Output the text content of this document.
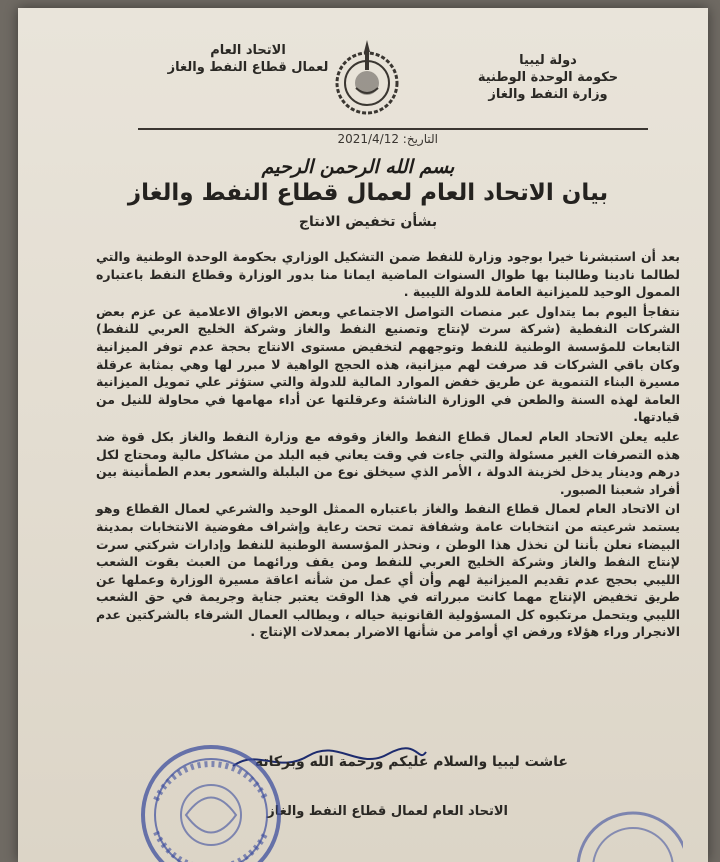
دولة ليبيا
حكومة الوحدة الوطنية
وزارة النفط والغاز
الاتحاد العام
لعمال قطاع النفط والغاز
التاريخ: 2021/4/12
بسم الله الرحمن الرحيم
بيان الاتحاد العام لعمال قطاع النفط والغاز
بشأن تخفيض الانتاج

بعد أن استبشرنا خيرا بوجود وزارة للنفط ضمن التشكيل الوزاري بحكومة الوحدة الوطنية والتي لطالما نادينا وطالبنا بها طوال السنوات الماضية ايمانا منا بدور الوزارة وقطاع النفط باعتباره الممول الوحيد للميزانية العامة للدولة الليبية .

نتفاجأ اليوم بما يتداول عبر منصات التواصل الاجتماعي وبعض الابواق الاعلامية عن عزم بعض الشركات النفطية (شركة سرت لإنتاج وتصنيع النفط والغاز وشركة الخليج العربي للنفط) التابعات للمؤسسة الوطنية للنفط وتوجههم لتخفيض مستوى الانتاج بحجة عدم توفر الميزانية وكان باقي الشركات قد صرفت لهم ميزانية، هذه الحجج الواهية لا مبرر لها وهي بمثابة عرقلة مسيرة البناء التنموية عن طريق خفض الموارد المالية للدولة والتي ستؤثر علي تمويل الميزانية العامة لهذه السنة والطعن في الوزارة الناشئة وعرقلتها عن أداء مهامها في محاولة للنيل من قيادتها.

عليه يعلن الاتحاد العام لعمال قطاع النفط والغاز وقوفه مع وزارة النفط والغاز بكل قوة ضد هذه التصرفات الغير مسئولة والتي جاءت في وقت يعاني فيه البلد من مشاكل مالية ومحتاج لكل درهم ودينار يدخل لخزينة الدولة ، الأمر الذي سيخلق نوع من البلبلة والشعور بعدم الطمأنينة بين أفراد شعبنا الصبور.

ان الاتحاد العام لعمال قطاع النفط والغاز باعتباره الممثل الوحيد والشرعي لعمال القطاع وهو يستمد شرعيته من انتخابات عامة وشفافة تمت تحت رعاية وإشراف مفوضية الانتخابات بمدينة البيضاء نعلن بأننا لن نخذل هذا الوطن ، ونحذر المؤسسة الوطنية للنفط وإدارات شركتي سرت لإنتاج النفط والغاز وشركة الخليج العربي للنفط ومن يقف ورائهما من العبث بقوت الشعب الليبي بحجج عدم تقديم الميزانية لهم وأن أي عمل من شأنه اعاقة مسيرة الوزارة وعملها عن طريق تخفيض الإنتاج مهما كانت مبرراته في هذا الوقت يعتبر جناية وجريمة في حق الشعب الليبي ويتحمل مرتكبوه كل المسؤولية القانونية حياله ، ويطالب العمال الشرفاء بالشركتين عدم الانجرار وراء هؤلاء ورفض اي أوامر من شأنها الاضرار بمعدلات الإنتاج .

عاشت ليبيا والسلام عليكم ورحمة الله وبركاته
الاتحاد العام لعمال قطاع النفط والغاز
